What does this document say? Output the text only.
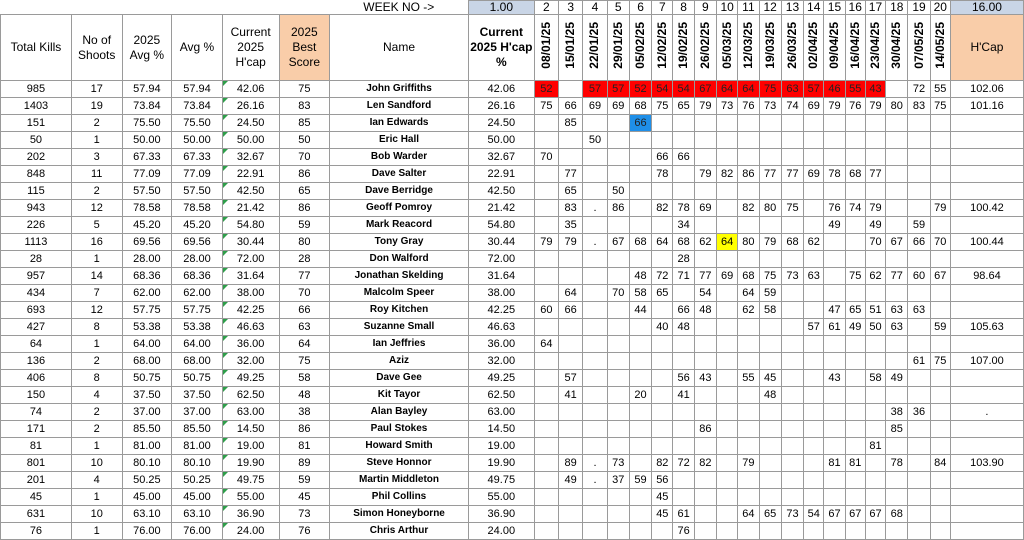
						WEEK NO ->	1.00	2	3	4	5	6	7	8	9	10	11	12	13	14	15	16	17	18	19	20	16.00
Total Kills	No of Shoots	2025 Avg %	Avg %	Current 2025 H'cap	2025 Best Score	Name	Current 2025 H'cap %	08/01/25	15/01/25	22/01/25	29/01/25	05/02/25	12/02/25	19/02/25	26/02/25	05/03/25	12/03/25	19/03/25	26/03/25	02/04/25	09/04/25	16/04/25	23/04/25	30/04/25	07/05/25	14/05/25	H'Cap
985	17	57.94	57.94	42.06	75	John Griffiths	42.06	52		57	57	52	54	54	67	64	64	75	63	57	46	55	43		72	55	102.06
1403	19	73.84	73.84	26.16	83	Len Sandford	26.16	75	66	69	69	68	75	65	79	73	76	73	74	69	79	76	79	80	83	75	101.16
151	2	75.50	75.50	24.50	85	Ian Edwards	24.50		85			66															
50	1	50.00	50.00	50.00	50	Eric Hall	50.00			50																	
202	3	67.33	67.33	32.67	70	Bob Warder	32.67	70					66	66													
848	11	77.09	77.09	22.91	86	Dave Salter	22.91		77				78		79	82	86	77	77	69	78	68	77				
115	2	57.50	57.50	42.50	65	Dave Berridge	42.50		65		50																
943	12	78.58	78.58	21.42	86	Geoff Pomroy	21.42		83	.	86		82	78	69		82	80	75		76	74	79			79	100.42
226	5	45.20	45.20	54.80	59	Mark Reacord	54.80		35					34							49		49		59		
1113	16	69.56	69.56	30.44	80	Tony Gray	30.44	79	79	.	67	68	64	68	62	64	80	79	68	62			70	67	66	70	100.44
28	1	28.00	28.00	72.00	28	Don Walford	72.00							28													
957	14	68.36	68.36	31.64	77	Jonathan Skelding	31.64					48	72	71	77	69	68	75	73	63		75	62	77	60	67	98.64
434	7	62.00	62.00	38.00	70	Malcolm Speer	38.00		64		70	58	65		54		64	59									
693	12	57.75	57.75	42.25	66	Roy Kitchen	42.25	60	66			44		66	48		62	58			47	65	51	63	63		
427	8	53.38	53.38	46.63	63	Suzanne Small	46.63						40	48						57	61	49	50	63		59	105.63
64	1	64.00	64.00	36.00	64	Ian Jeffries	36.00	64																			
136	2	68.00	68.00	32.00	75	Aziz	32.00																		61	75	107.00
406	8	50.75	50.75	49.25	58	Dave Gee	49.25		57					56	43		55	45			43		58	49			
150	4	37.50	37.50	62.50	48	Kit Tayor	62.50		41			20		41				48									
74	2	37.00	37.00	63.00	38	Alan Bayley	63.00																	38	36		.
171	2	85.50	85.50	14.50	86	Paul Stokes	14.50								86									85			
81	1	81.00	81.00	19.00	81	Howard Smith	19.00																81				
801	10	80.10	80.10	19.90	89	Steve Honnor	19.90		89	.	73		82	72	82		79				81	81		78		84	103.90
201	4	50.25	50.25	49.75	59	Martin Middleton	49.75		49	.	37	59	56														
45	1	45.00	45.00	55.00	45	Phil Collins	55.00						45														
631	10	63.10	63.10	36.90	73	Simon Honeyborne	36.90						45	61			64	65	73	54	67	67	67	68			
76	1	76.00	76.00	24.00	76	Chris Arthur	24.00							76													
